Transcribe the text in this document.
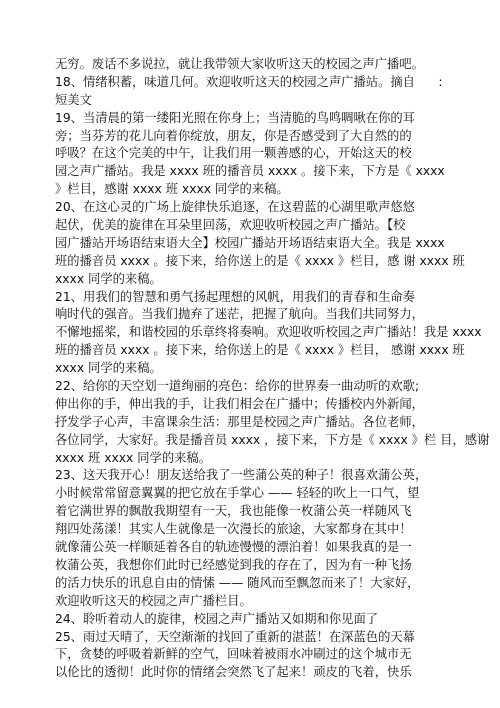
无穷。废话不多说拉，就让我带领大家收听这天的校园之声广播吧。
18、情绪积蓄，味道几何。欢迎收听这天的校园之声广播站。摘自      :
短美文
19、当清晨的第一缕阳光照在你身上；当清脆的鸟鸣啁啾在你的耳
旁；当芬芳的花儿向着你绽放，朋友，你是否感受到了大自然的的
呼吸？在这个完美的中午，让我们用一颗善感的心，开始这天的校
园之声广播站。我是 xxxx 班的播音员 xxxx 。接下来，下方是《 xxxx
》栏目，感谢 xxxx 班 xxxx 同学的来稿。
20、在这心灵的广场上旋律快乐追逐，在这碧蓝的心湖里歌声悠悠
起伏，优美的旋律在耳朵里回荡，欢迎收听校园之声广播站。【校
园广播站开场语结束语大全】校园广播站开场语结束语大全。我是 xxxx
班的播音员 xxxx 。接下来，给你送上的是《 xxxx 》栏目，感 谢 xxxx 班
xxxx 同学的来稿。
21、用我们的智慧和勇气扬起理想的风帆，用我们的青春和生命奏
响时代的强音。当我们抛弃了迷茫，把握了航向。当我们共同努力，
不懈地摇桨，和谐校园的乐章终将奏响。欢迎收听校园之声广播站！我是 xxxx
班的播音员 xxxx 。接下来，给你送上的是《 xxxx 》栏目， 感谢 xxxx 班
xxxx 同学的来稿。
22、给你的天空划一道绚丽的亮色：给你的世界奏一曲动听的欢歌;
伸出你的手，伸出我的手，让我们相会在广播中；传播校内外新闻，
抒发学子心声，丰富课余生活：那里是校园之声广播站。各位老师，
各位同学，大家好。我是播音员 xxxx ，接下来，下方是《 xxxx 》栏 目，感谢
xxxx 班 xxxx 同学的来稿。
23、这天我开心！朋友送给我了一些蒲公英的种子！很喜欢蒲公英，
小时候常常留意翼翼的把它放在手掌心 —— 轻轻的吹上一口气，望
着它满世界的飘散我期望有一天，我也能像一枚蒲公英一样随风飞
翔四处荡漾！其实人生就像是一次漫长的旅途，大家都身在其中！
就像蒲公英一样顺延着各自的轨迹慢慢的漂泊着！如果我真的是一
枚蒲公英，我想你们此时已经感觉到我的存在了，因为有一种飞扬
的活力快乐的讯息自由的情愫 —— 随风而至飘忽而来了！大家好，
欢迎收听这天的校园之声广播栏目。
24、聆听着动人的旋律，校园之声广播站又如期和你见面了
25、雨过天晴了，天空渐渐的找回了重新的湛蓝！在深蓝色的天幕
下，贪婪的呼吸着新鲜的空气，回味着被雨水冲刷过的这个城市无
以伦比的透彻！此时你的情绪会突然飞了起来！顽皮的飞着，快乐
